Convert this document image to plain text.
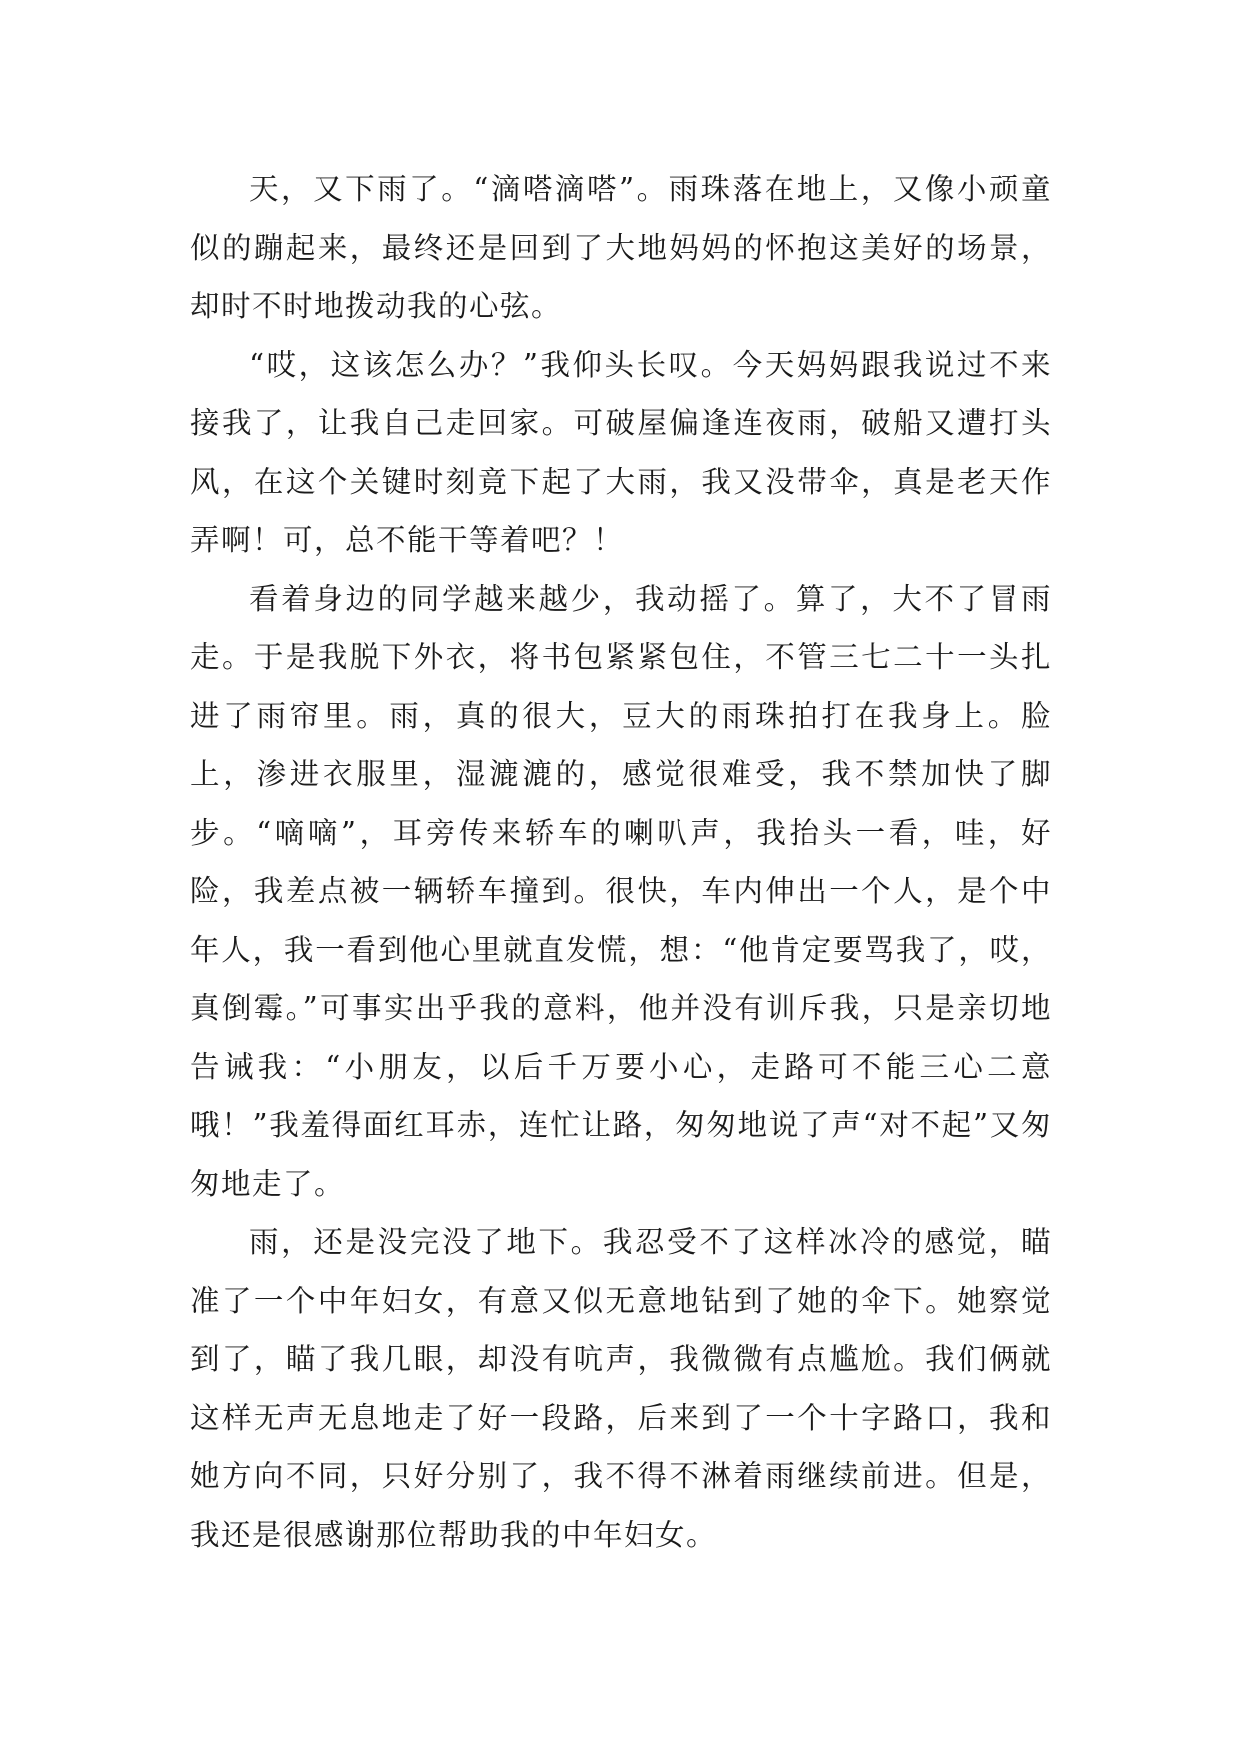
天，又下雨了。“滴嗒滴嗒”。雨珠落在地上，又像小顽童似的蹦起来，最终还是回到了大地妈妈的怀抱这美好的场景，却时不时地拨动我的心弦。

“哎，这该怎么办？”我仰头长叹。今天妈妈跟我说过不来接我了，让我自己走回家。可破屋偏逢连夜雨，破船又遭打头风，在这个关键时刻竟下起了大雨，我又没带伞，真是老天作弄啊！可，总不能干等着吧？！

看着身边的同学越来越少，我动摇了。算了，大不了冒雨走。于是我脱下外衣，将书包紧紧包住，不管三七二十一头扎进了雨帘里。雨，真的很大，豆大的雨珠拍打在我身上。脸上，渗进衣服里，湿漉漉的，感觉很难受，我不禁加快了脚步。“嘀嘀”，耳旁传来轿车的喇叭声，我抬头一看，哇，好险，我差点被一辆轿车撞到。很快，车内伸出一个人，是个中年人，我一看到他心里就直发慌，想：“他肯定要骂我了，哎，真倒霉。”可事实出乎我的意料，他并没有训斥我，只是亲切地告诫我：“小朋友，以后千万要小心，走路可不能三心二意哦！”我羞得面红耳赤，连忙让路，匆匆地说了声“对不起”又匆匆地走了。

雨，还是没完没了地下。我忍受不了这样冰冷的感觉，瞄准了一个中年妇女，有意又似无意地钻到了她的伞下。她察觉到了，瞄了我几眼，却没有吭声，我微微有点尴尬。我们俩就这样无声无息地走了好一段路，后来到了一个十字路口，我和她方向不同，只好分别了，我不得不淋着雨继续前进。但是，我还是很感谢那位帮助我的中年妇女。
